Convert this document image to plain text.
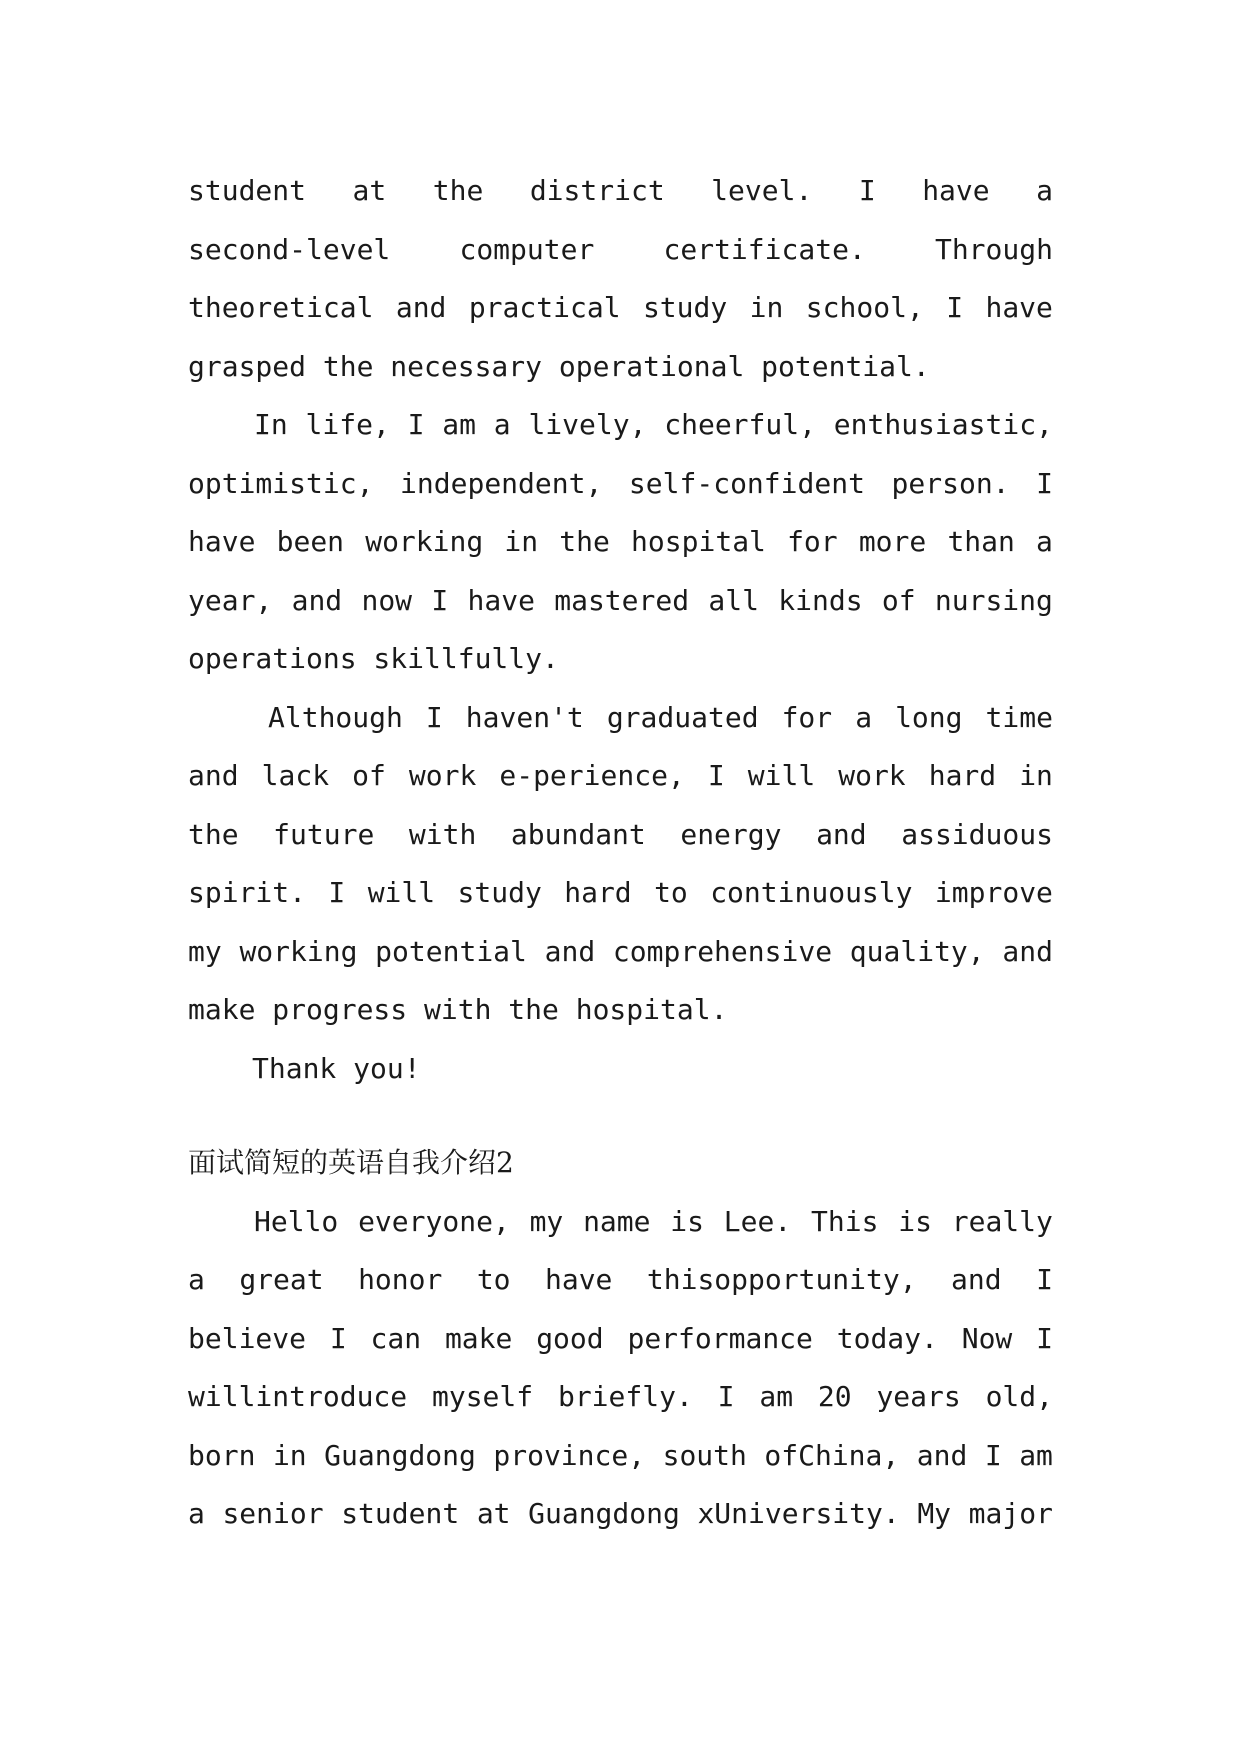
student at the district level. I have a
second-level computer certificate. Through
theoretical and practical study in school, I have
grasped the necessary operational potential.
In life, I am a lively, cheerful, enthusiastic,
optimistic, independent, self-confident person. I
have been working in the hospital for more than a
year, and now I have mastered all kinds of nursing
operations skillfully.
Although I haven't graduated for a long time
and lack of work e-perience, I will work hard in
the future with abundant energy and assiduous
spirit. I will study hard to continuously improve
my working potential and comprehensive quality, and
make progress with the hospital.
Thank you!
面试简短的英语自我介绍2
Hello everyone, my name is Lee. This is really
a great honor to have thisopportunity, and I
believe I can make good performance today. Now I
willintroduce myself briefly. I am 20 years old,
born in Guangdong province, south ofChina, and I am
a senior student at Guangdong xUniversity. My major
